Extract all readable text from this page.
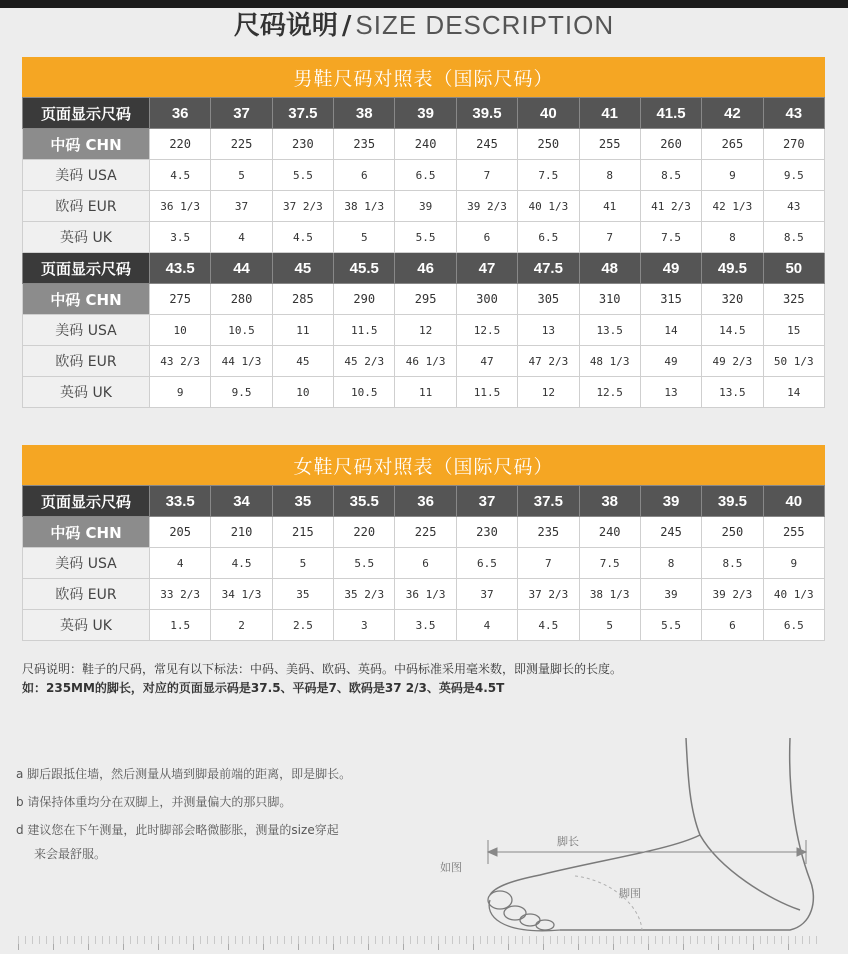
尺码说明 / SIZE DESCRIPTION
男鞋尺码对照表（国际尺码）
页面显示尺码	36	37	37.5	38	39	39.5	40	41	41.5	42	43
中码 CHN	220	225	230	235	240	245	250	255	260	265	270
美码 USA	4.5	5	5.5	6	6.5	7	7.5	8	8.5	9	9.5
欧码 EUR	36 1/3	37	37 2/3	38 1/3	39	39 2/3	40 1/3	41	41 2/3	42 1/3	43
英码 UK	3.5	4	4.5	5	5.5	6	6.5	7	7.5	8	8.5
页面显示尺码	43.5	44	45	45.5	46	47	47.5	48	49	49.5	50
中码 CHN	275	280	285	290	295	300	305	310	315	320	325
美码 USA	10	10.5	11	11.5	12	12.5	13	13.5	14	14.5	15
欧码 EUR	43 2/3	44 1/3	45	45 2/3	46 1/3	47	47 2/3	48 1/3	49	49 2/3	50 1/3
英码 UK	9	9.5	10	10.5	11	11.5	12	12.5	13	13.5	14
女鞋尺码对照表（国际尺码）
页面显示尺码	33.5	34	35	35.5	36	37	37.5	38	39	39.5	40
中码 CHN	205	210	215	220	225	230	235	240	245	250	255
美码 USA	4	4.5	5	5.5	6	6.5	7	7.5	8	8.5	9
欧码 EUR	33 2/3	34 1/3	35	35 2/3	36 1/3	37	37 2/3	38 1/3	39	39 2/3	40 1/3
英码 UK	1.5	2	2.5	3	3.5	4	4.5	5	5.5	6	6.5
尺码说明：鞋子的尺码，常见有以下标法：中码、美码、欧码、英码。中码标准采用毫米数，即测量脚长的长度。
如：235MM的脚长，对应的页面显示码是37.5、平码是7、欧码是37 2/3、英码是4.5T
a 脚后跟抵住墙，然后测量从墙到脚最前端的距离，即是脚长。
b 请保持体重均分在双脚上，并测量偏大的那只脚。
d 建议您在下午测量，此时脚部会略微膨胀，测量的size穿起
来会最舒服。
如图
脚长
脚围
